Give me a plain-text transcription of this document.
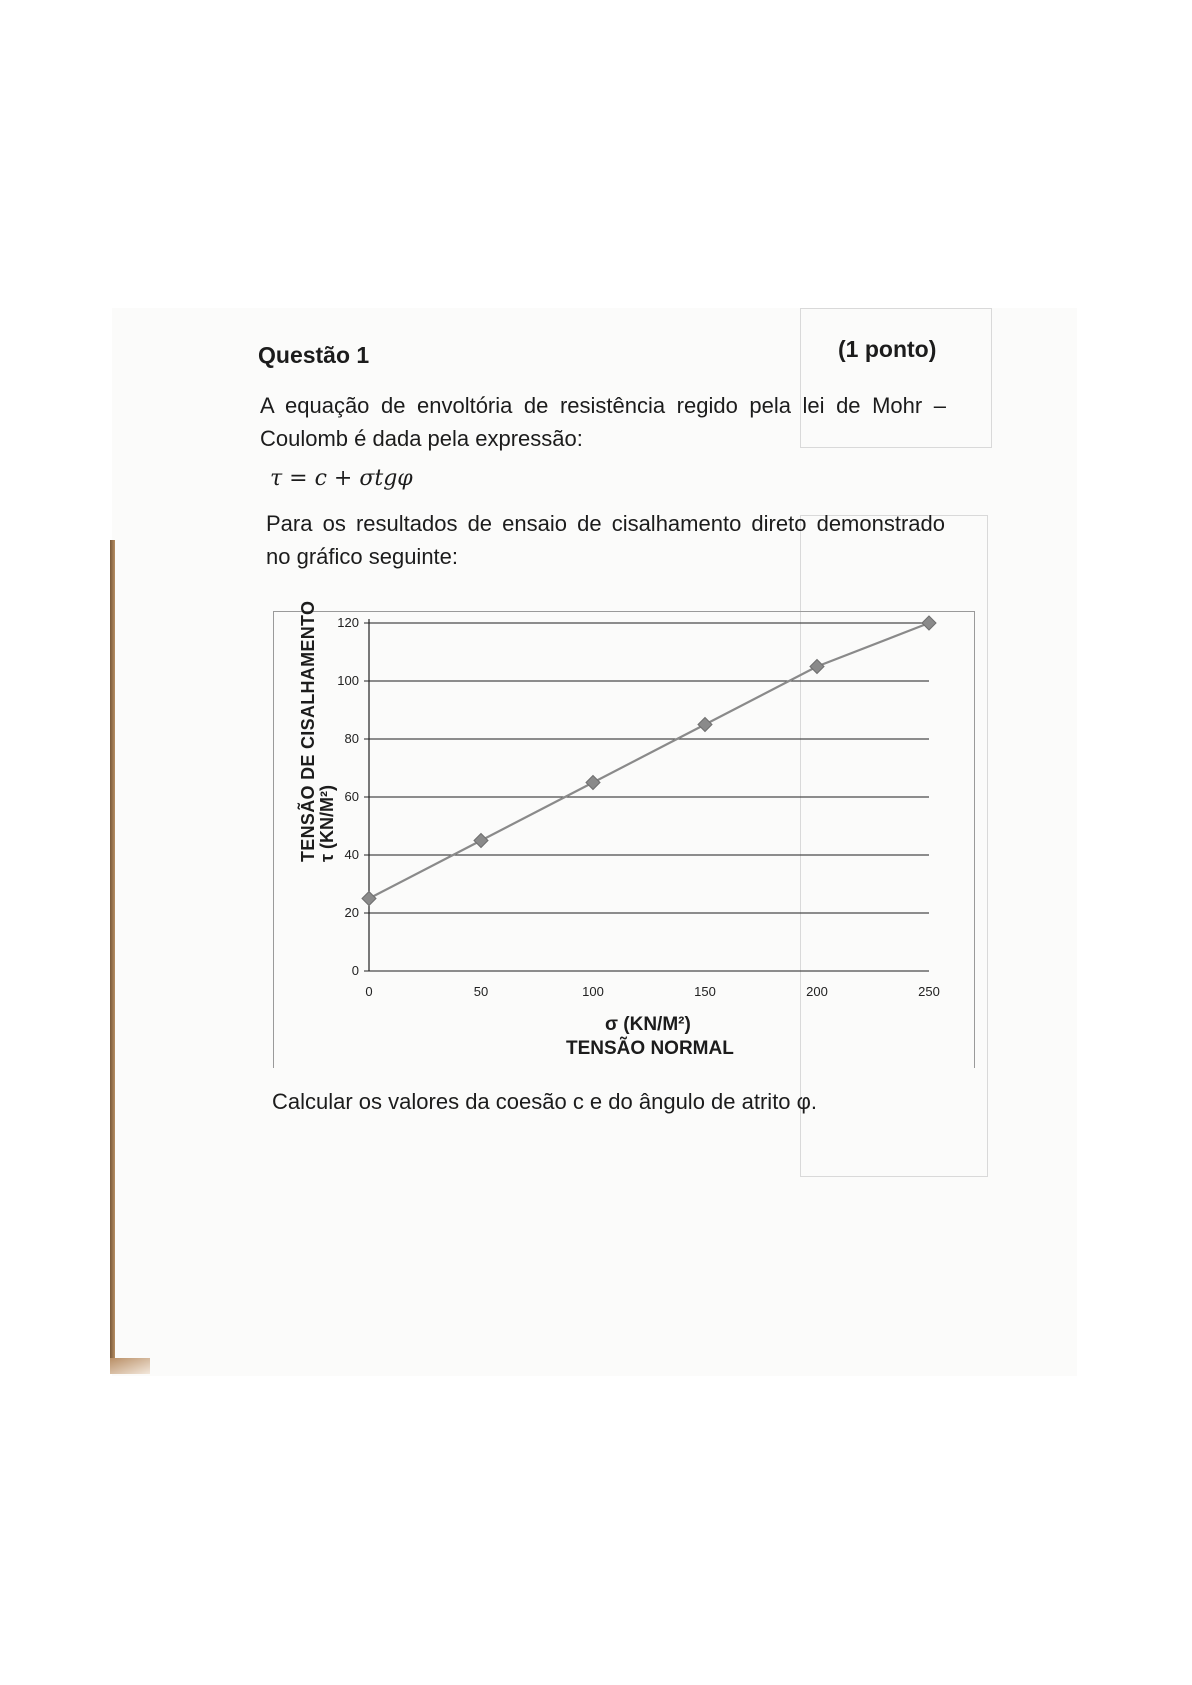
Questão 1	(1 ponto)

A equação de envoltória de resistência regido pela lei de Mohr –

Coulomb é dada pela expressão:

τ = c + σtgφ

Para os resultados de ensaio de cisalhamento direto demonstrado

no gráfico seguinte:

0
20
40
60
80
100
120
0	50	100	150	200	250
τ (KN/M²)
TENSÃO DE CISALHAMENTO
σ (KN/M²)
TENSÃO NORMAL

Calcular os valores da coesão c e do ângulo de atrito φ.
